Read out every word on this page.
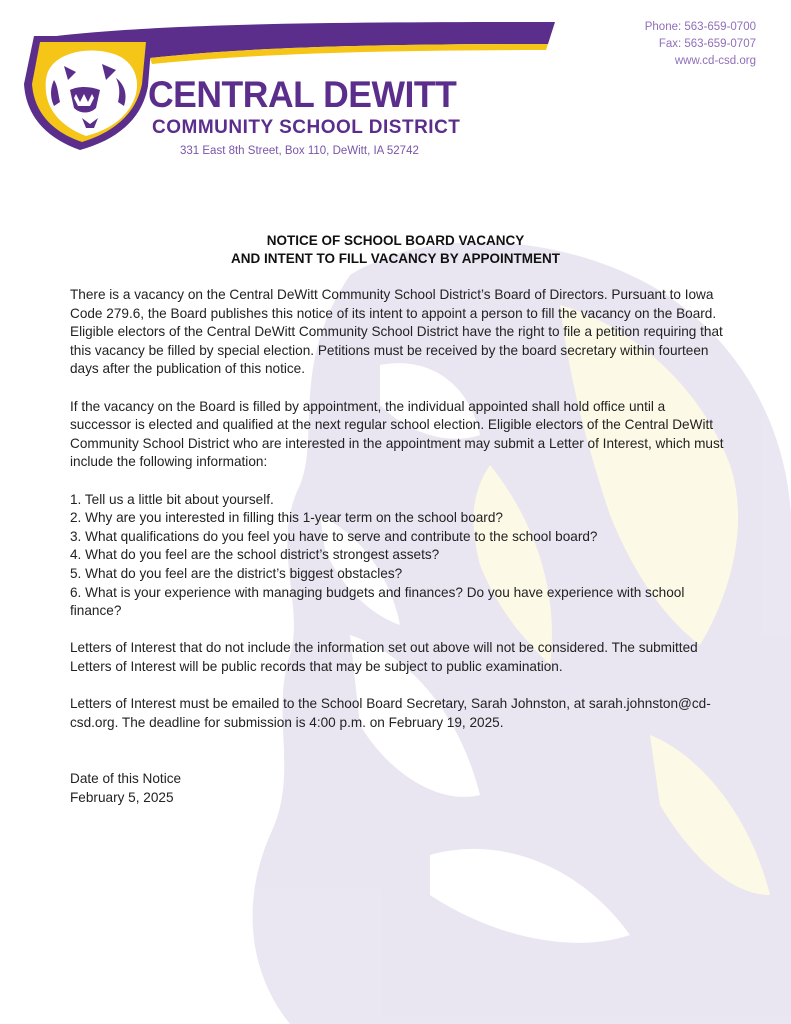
CENTRAL DEWITT
COMMUNITY SCHOOL DISTRICT
331 East 8th Street, Box 110, DeWitt, IA 52742
Phone: 563-659-0700
Fax: 563-659-0707
www.cd-csd.org
NOTICE OF SCHOOL BOARD VACANCY
AND INTENT TO FILL VACANCY BY APPOINTMENT

There is a vacancy on the Central DeWitt Community School District’s Board of Directors. Pursuant to Iowa Code 279.6, the Board publishes this notice of its intent to appoint a person to fill the vacancy on the Board. Eligible electors of the Central DeWitt Community School District have the right to file a petition requiring that this vacancy be filled by special election. Petitions must be received by the board secretary within fourteen days after the publication of this notice.

If the vacancy on the Board is filled by appointment, the individual appointed shall hold office until a successor is elected and qualified at the next regular school election. Eligible electors of the Central DeWitt Community School District who are interested in the appointment may submit a Letter of Interest, which must include the following information:

1. Tell us a little bit about yourself.
2. Why are you interested in filling this 1-year term on the school board?
3. What qualifications do you feel you have to serve and contribute to the school board?
4. What do you feel are the school district’s strongest assets?
5. What do you feel are the district’s biggest obstacles?
6. What is your experience with managing budgets and finances? Do you have experience with school finance?

Letters of Interest that do not include the information set out above will not be considered. The submitted Letters of Interest will be public records that may be subject to public examination.

Letters of Interest must be emailed to the School Board Secretary, Sarah Johnston, at sarah.johnston@cd-csd.org. The deadline for submission is 4:00 p.m. on February 19, 2025.

Date of this Notice
February 5, 2025
